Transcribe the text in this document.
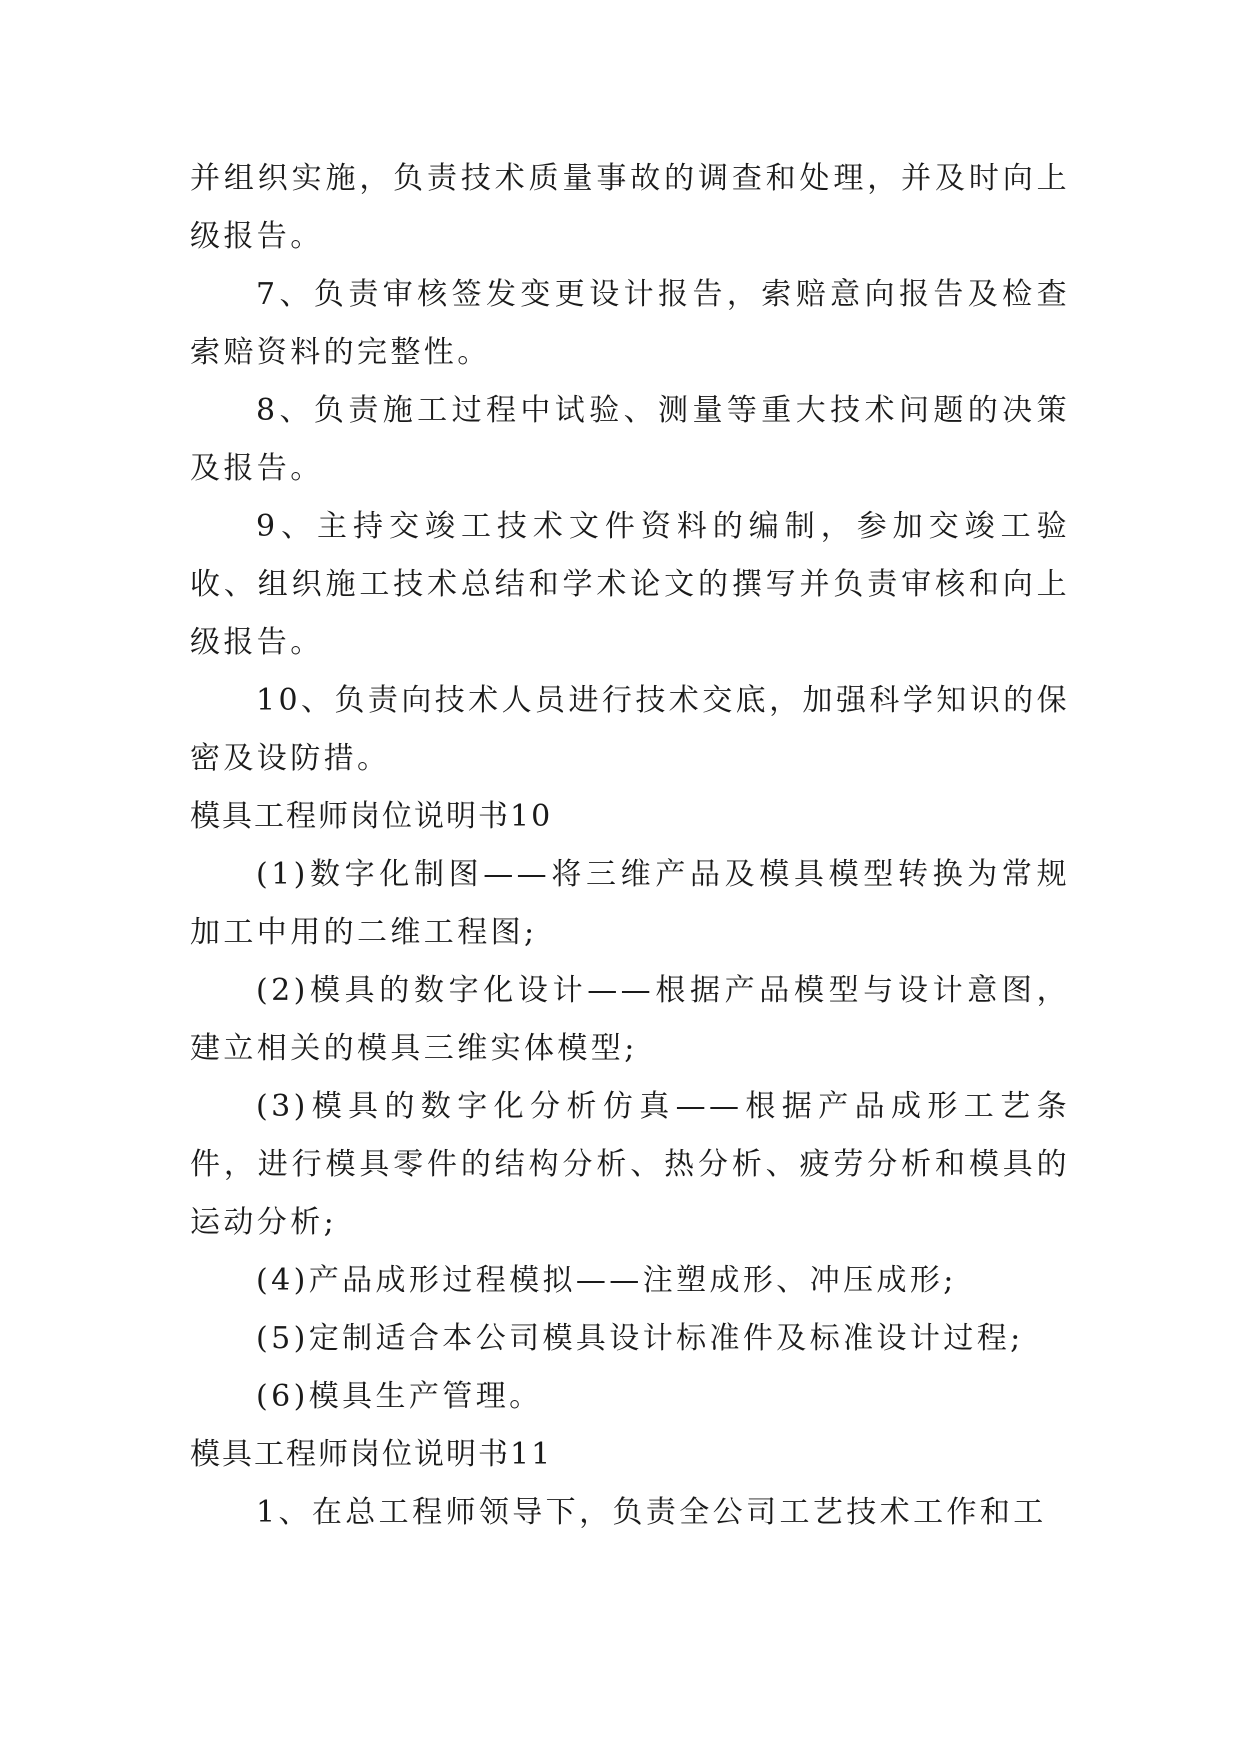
并组织实施，负责技术质量事故的调查和处理，并及时向上级报告。

7、负责审核签发变更设计报告，索赔意向报告及检查索赔资料的完整性。

8、负责施工过程中试验、测量等重大技术问题的决策及报告。

9、主持交竣工技术文件资料的编制，参加交竣工验收、组织施工技术总结和学术论文的撰写并负责审核和向上级报告。

10、负责向技术人员进行技术交底，加强科学知识的保密及设防措。

模具工程师岗位说明书10

(1)数字化制图——将三维产品及模具模型转换为常规加工中用的二维工程图;

(2)模具的数字化设计——根据产品模型与设计意图，建立相关的模具三维实体模型;

(3)模具的数字化分析仿真——根据产品成形工艺条件，进行模具零件的结构分析、热分析、疲劳分析和模具的运动分析;

(4)产品成形过程模拟——注塑成形、冲压成形;

(5)定制适合本公司模具设计标准件及标准设计过程;

(6)模具生产管理。

模具工程师岗位说明书11

1、在总工程师领导下，负责全公司工艺技术工作和工
